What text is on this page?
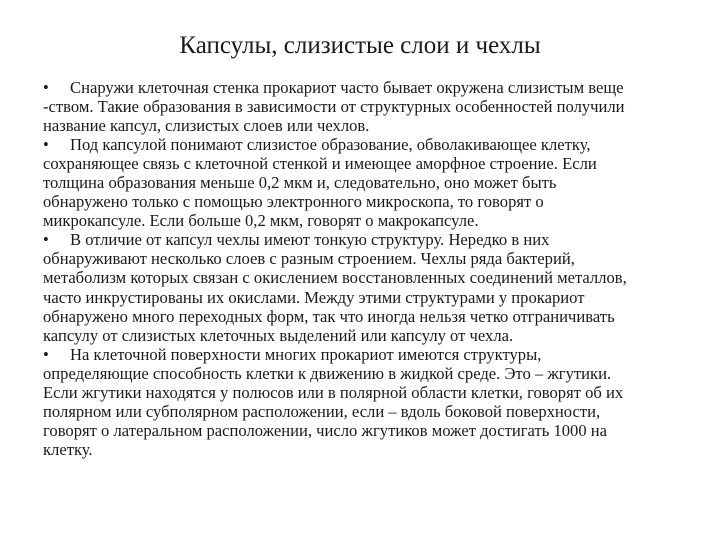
Капсулы, слизистые слои и чехлы
• Снаружи клеточная стенка прокариот часто бывает окружена слизистым веще
-ством. Такие образования в зависимости от структурных особенностей получили
название капсул, слизистых слоев или чехлов.
• Под капсулой понимают слизистое образование, обволакивающее клетку,
сохраняющее связь с клеточной стенкой и имеющее аморфное строение. Если
толщина образования меньше 0,2 мкм и, следовательно, оно может быть
обнаружено только с помощью электронного микроскопа, то говорят о
микрокапсуле. Если больше 0,2 мкм, говорят о макрокапсуле.
• В отличие от капсул чехлы имеют тонкую структуру. Нередко в них
обнаруживают несколько слоев с разным строением. Чехлы ряда бактерий,
метаболизм которых связан с окислением восстановленных соединений металлов,
часто инкрустированы их окислами. Между этими структурами у прокариот
обнаружено много переходных форм, так что иногда нельзя четко отграничивать
капсулу от слизистых клеточных выделений или капсулу от чехла.
• На клеточной поверхности многих прокариот имеются структуры,
определяющие способность клетки к движению в жидкой среде. Это – жгутики.
Если жгутики находятся у полюсов или в полярной области клетки, говорят об их
полярном или субполярном расположении, если – вдоль боковой поверхности,
говорят о латеральном расположении, число жгутиков может достигать 1000 на
клетку.
